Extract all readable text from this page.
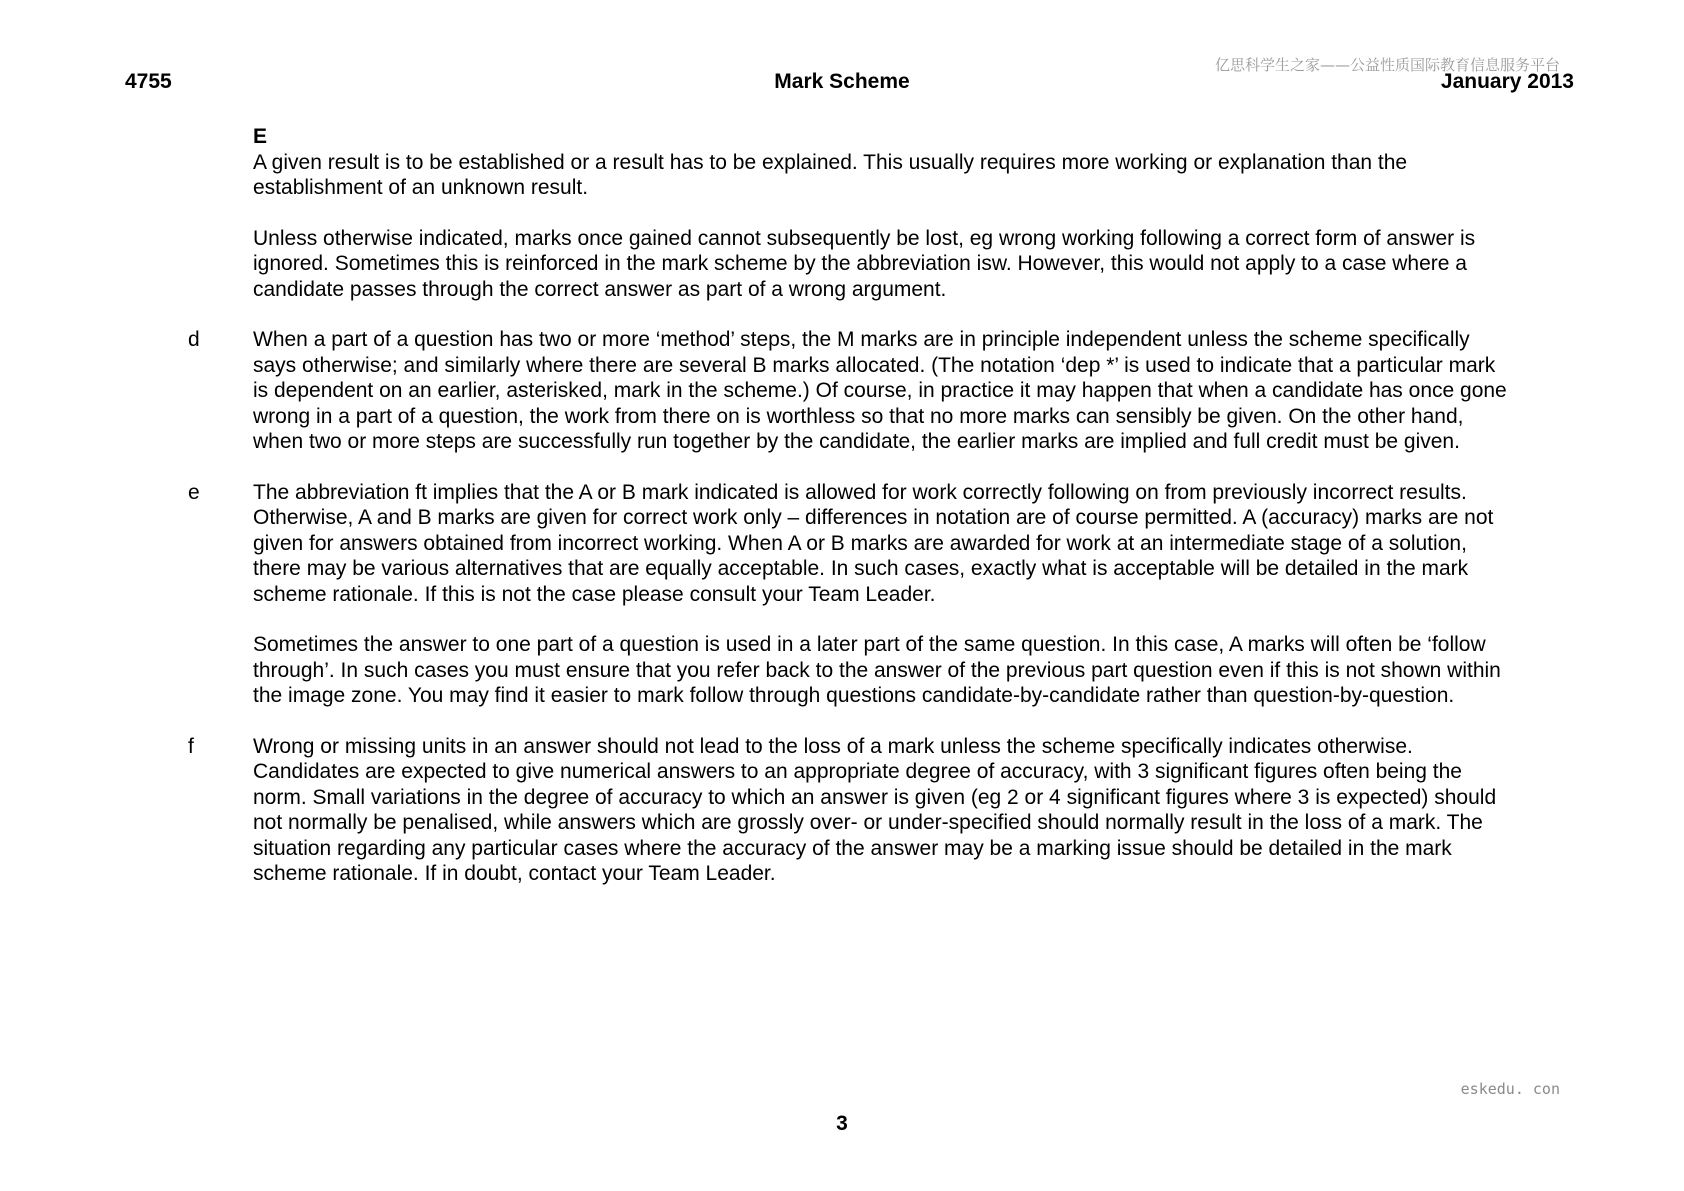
亿思科学生之家——公益性质国际教育信息服务平台
4755	Mark Scheme	January 2013
E
A given result is to be established or a result has to be explained. This usually requires more working or explanation than the establishment of an unknown result.
Unless otherwise indicated, marks once gained cannot subsequently be lost, eg wrong working following a correct form of answer is ignored. Sometimes this is reinforced in the mark scheme by the abbreviation isw. However, this would not apply to a case where a candidate passes through the correct answer as part of a wrong argument.
d	When a part of a question has two or more ‘method’ steps, the M marks are in principle independent unless the scheme specifically says otherwise; and similarly where there are several B marks allocated. (The notation ‘dep *’ is used to indicate that a particular mark is dependent on an earlier, asterisked, mark in the scheme.) Of course, in practice it may happen that when a candidate has once gone wrong in a part of a question, the work from there on is worthless so that no more marks can sensibly be given. On the other hand, when two or more steps are successfully run together by the candidate, the earlier marks are implied and full credit must be given.
e	The abbreviation ft implies that the A or B mark indicated is allowed for work correctly following on from previously incorrect results. Otherwise, A and B marks are given for correct work only – differences in notation are of course permitted. A (accuracy) marks are not given for answers obtained from incorrect working. When A or B marks are awarded for work at an intermediate stage of a solution, there may be various alternatives that are equally acceptable. In such cases, exactly what is acceptable will be detailed in the mark scheme rationale. If this is not the case please consult your Team Leader.
Sometimes the answer to one part of a question is used in a later part of the same question. In this case, A marks will often be ‘follow through’. In such cases you must ensure that you refer back to the answer of the previous part question even if this is not shown within the image zone. You may find it easier to mark follow through questions candidate-by-candidate rather than question-by-question.
f	Wrong or missing units in an answer should not lead to the loss of a mark unless the scheme specifically indicates otherwise. Candidates are expected to give numerical answers to an appropriate degree of accuracy, with 3 significant figures often being the norm. Small variations in the degree of accuracy to which an answer is given (eg 2 or 4 significant figures where 3 is expected) should not normally be penalised, while answers which are grossly over- or under-specified should normally result in the loss of a mark. The situation regarding any particular cases where the accuracy of the answer may be a marking issue should be detailed in the mark scheme rationale. If in doubt, contact your Team Leader.
eskedu. con
3
